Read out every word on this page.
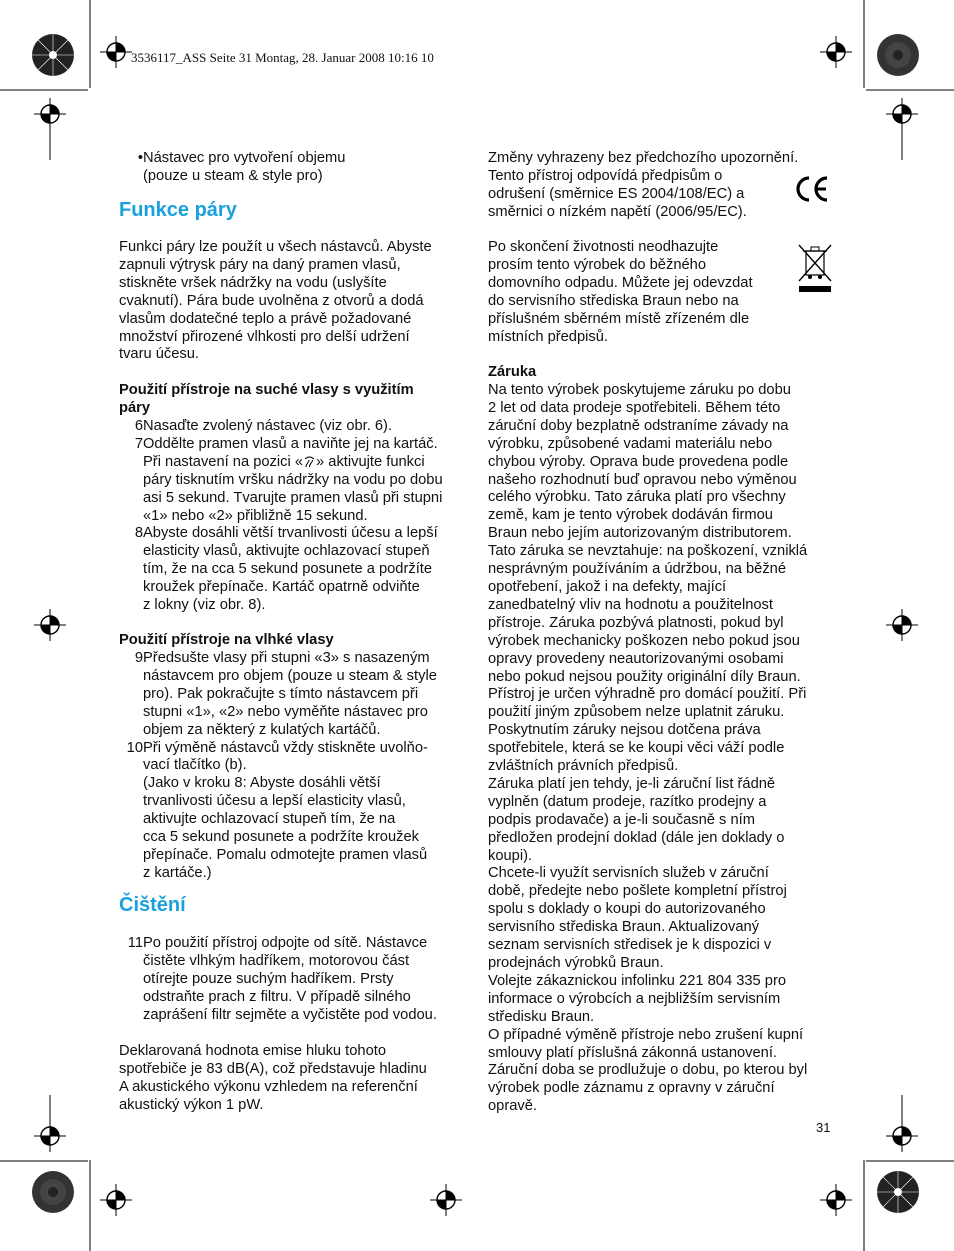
3536117_ASS Seite 31 Montag, 28. Januar 2008 10:16 10
• Nástavec pro vytvoření objemu
(pouze u steam & style pro)

Funkce páry

Funkci páry lze použít u všech nástavců. Abyste

zapnuli výtrysk páry na daný pramen vlasů,

stiskněte vršek nádržky na vodu (uslyšíte

cvaknutí). Pára bude uvolněna z otvorů a dodá

vlasům dodatečné teplo a právě požadované

množství přirozené vlhkosti pro delší udržení

tvaru účesu.

Použití přístroje na suché vlasy s využitím

páry

6 Nasaďte zvolený nástavec (viz obr. 6).
7 Oddělte pramen vlasů a naviňte jej na kartáč.
Při nastavení na pozici « » aktivujte funkci
páry tisknutím vršku nádržky na vodu po dobu
asi 5 sekund. Tvarujte pramen vlasů při stupni
«1» nebo «2» přibližně 15 sekund.
8 Abyste dosáhli větší trvanlivosti účesu a lepší
elasticity vlasů, aktivujte ochlazovací stupeň
tím, že na cca 5 sekund posunete a podržíte
kroužek přepínače. Kartáč opatrně odviňte
z lokny (viz obr. 8).

Použití přístroje na vlhké vlasy

9 Předsušte vlasy při stupni «3» s nasazeným
nástavcem pro objem (pouze u steam & style
pro). Pak pokračujte s tímto nástavcem při
stupni «1», «2» nebo vyměňte nástavec pro
objem za některý z kulatých kartáčů.
10 Při výměně nástavců vždy stiskněte uvolňo-
vací tlačítko (b).
(Jako v kroku 8: Abyste dosáhli větší
trvanlivosti účesu a lepší elasticity vlasů,
aktivujte ochlazovací stupeň tím, že na
cca 5 sekund posunete a podržíte kroužek
přepínače. Pomalu odmotejte pramen vlasů
z kartáče.)

Čištění

11 Po použití přístroj odpojte od sítě. Nástavce
čistěte vlhkým hadříkem, motorovou část
otírejte pouze suchým hadříkem. Prsty
odstraňte prach z filtru. V případě silného
zaprášení filtr sejměte a vyčistěte pod vodou.

Deklarovaná hodnota emise hluku tohoto

spotřebiče je 83 dB(A), což představuje hladinu

A akustického výkonu vzhledem na referenční

akustický výkon 1 pW.

Změny vyhrazeny bez předchozího upozornění.

Tento přístroj odpovídá předpisům o

odrušení (směrnice ES 2004/108/EC) a

směrnici o nízkém napětí (2006/95/EC).

Po skončení životnosti neodhazujte

prosím tento výrobek do běžného

domovního odpadu. Můžete jej odevzdat

do servisního střediska Braun nebo na

příslušném sběrném místě zřízeném dle

místních předpisů.

Záruka

Na tento výrobek poskytujeme záruku po dobu

2 let od data prodeje spotřebiteli. Během této

záruční doby bezplatně odstraníme závady na

výrobku, způsobené vadami materiálu nebo

chybou výroby. Oprava bude provedena podle

našeho rozhodnutí buď opravou nebo výměnou

celého výrobku. Tato záruka platí pro všechny

země, kam je tento výrobek dodáván firmou

Braun nebo jejím autorizovaným distributorem.

Tato záruka se nevztahuje: na poškození, vzniklá

nesprávným používáním a údržbou, na běžné

opotřebení, jakož i na defekty, mající

zanedbatelný vliv na hodnotu a použitelnost

přístroje. Záruka pozbývá platnosti, pokud byl

výrobek mechanicky poškozen nebo pokud jsou

opravy provedeny neautorizovanými osobami

nebo pokud nejsou použity originální díly Braun.

Přístroj je určen výhradně pro domácí použití. Při

použití jiným způsobem nelze uplatnit záruku.

Poskytnutím záruky nejsou dotčena práva

spotřebitele, která se ke koupi věci váží podle

zvláštních právních předpisů.

Záruka platí jen tehdy, je-li záruční list řádně

vyplněn (datum prodeje, razítko prodejny a

podpis prodavače) a je-li současně s ním

předložen prodejní doklad (dále jen doklady o

koupi).

Chcete-li využít servisních služeb v záruční

době, předejte nebo pošlete kompletní přístroj

spolu s doklady o koupi do autorizovaného

servisního střediska Braun. Aktualizovaný

seznam servisních středisek je k dispozici v

prodejnách výrobků Braun.

Volejte zákaznickou infolinku 221 804 335 pro

informace o výrobcích a nejbližším servisním

středisku Braun.

O případné výměně přístroje nebo zrušení kupní

smlouvy platí příslušná zákonná ustanovení.

Záruční doba se prodlužuje o dobu, po kterou byl

výrobek podle záznamu z opravny v záruční

opravě.

31
